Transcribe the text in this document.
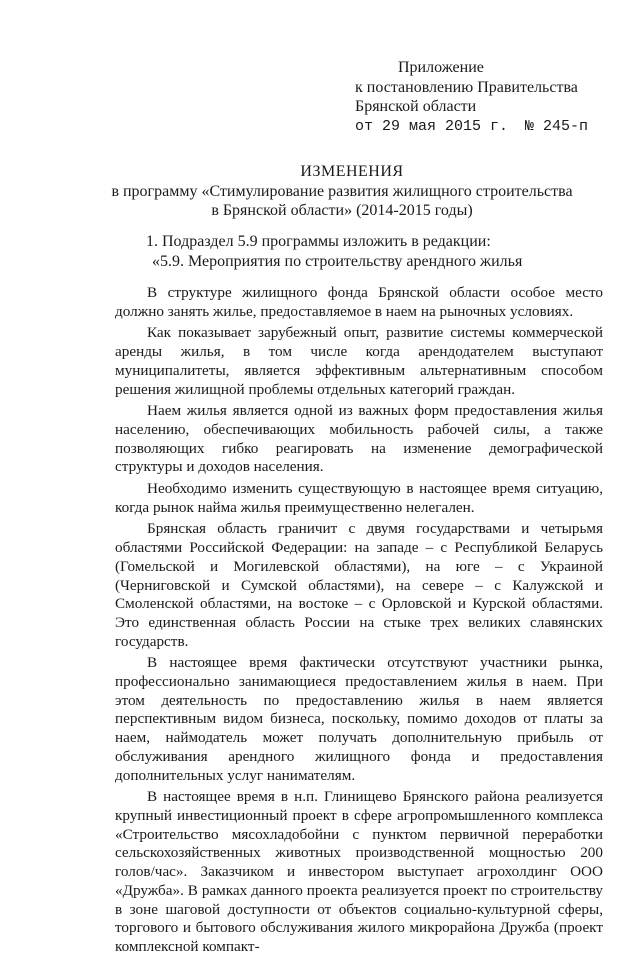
Приложение
к постановлению Правительства
Брянской области
от 29 мая 2015 г. № 245-п
ИЗМЕНЕНИЯ
в программу «Стимулирование развития жилищного строительства
в Брянской области» (2014-2015 годы)
1. Подраздел 5.9 программы изложить в редакции:
«5.9. Мероприятия по строительству арендного жилья

В структуре жилищного фонда Брянской области особое место должно занять жилье, предоставляемое в наем на рыночных условиях.

Как показывает зарубежный опыт, развитие системы коммерческой аренды жилья, в том числе когда арендодателем выступают муниципалитеты, является эффективным альтернативным способом решения жилищной проблемы отдельных категорий граждан.

Наем жилья является одной из важных форм предоставления жилья населению, обеспечивающих мобильность рабочей силы, а также позволяющих гибко реагировать на изменение демографической структуры и доходов населения.

Необходимо изменить существующую в настоящее время ситуацию, когда рынок найма жилья преимущественно нелегален.

Брянская область граничит с двумя государствами и четырьмя областями Российской Федерации: на западе – с Республикой Беларусь (Гомельской и Могилевской областями), на юге – с Украиной (Черниговской и Сумской областями), на севере – с Калужской и Смоленской областями, на востоке – с Орловской и Курской областями. Это единственная область России на стыке трех великих славянских государств.

В настоящее время фактически отсутствуют участники рынка, профессионально занимающиеся предоставлением жилья в наем. При этом деятельность по предоставлению жилья в наем является перспективным видом бизнеса, поскольку, помимо доходов от платы за наем, наймодатель может получать дополнительную прибыль от обслуживания арендного жилищного фонда и предоставления дополнительных услуг нанимателям.

В настоящее время в н.п. Глинищево Брянского района реализуется крупный инвестиционный проект в сфере агропромышленного комплекса «Строительство мясохладобойни с пунктом первичной переработки сельскохозяйственных животных производственной мощностью 200 голов/час». Заказчиком и инвестором выступает агрохолдинг ООО «Дружба». В рамках данного проекта реализуется проект по строительству в зоне шаговой доступности от объектов социально-культурной сферы, торгового и бытового обслуживания жилого микрорайона Дружба (проект комплексной компакт-
